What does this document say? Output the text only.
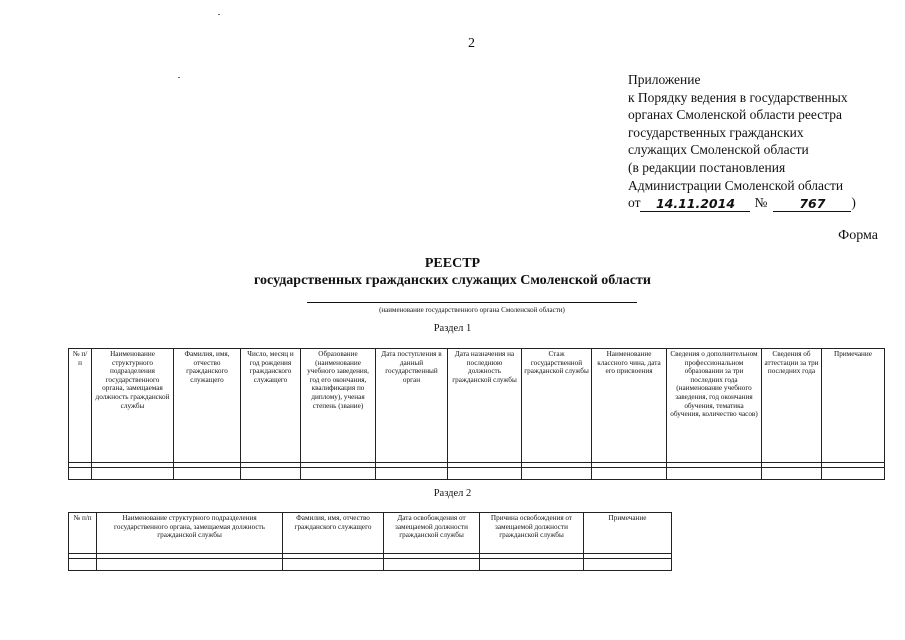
2
Приложение
к Порядку ведения в государственных
органах Смоленской области реестра
государственных гражданских
служащих Смоленской области
(в редакции постановления
Администрации Смоленской области
от	14.11.2014	№	767	)
Форма
РЕЕСТР
государственных гражданских служащих Смоленской области
(наименование государственного органа Смоленской области)
Раздел 1
№ п/п	Наименование структурного подразделения государственного органа, замещаемая должность гражданской службы	Фамилия, имя, отчество гражданского служащего	Число, месяц и год рождения гражданского служащего	Образование (наименование учебного заведения, год его окончания, квалификация по диплому), ученая степень (звание)	Дата поступления в данный государственный орган	Дата назначения на последнюю должность гражданской службы	Стаж государственной гражданской службы	Наименование классного чина, дата его присвоения	Сведения о дополнительном профессиональном образовании за три последних года (наименование учебного заведения, год окончания обучения, тематика обучения, количество часов)	Сведения об аттестации за три последних года	Примечание

Раздел 2
№ п/п	Наименование структурного подразделения государственного органа, замещаемая должность гражданской службы	Фамилия, имя, отчество гражданского служащего	Дата освобождения от замещаемой должности гражданской службы	Причина освобождения от замещаемой должности гражданской службы	Примечание
